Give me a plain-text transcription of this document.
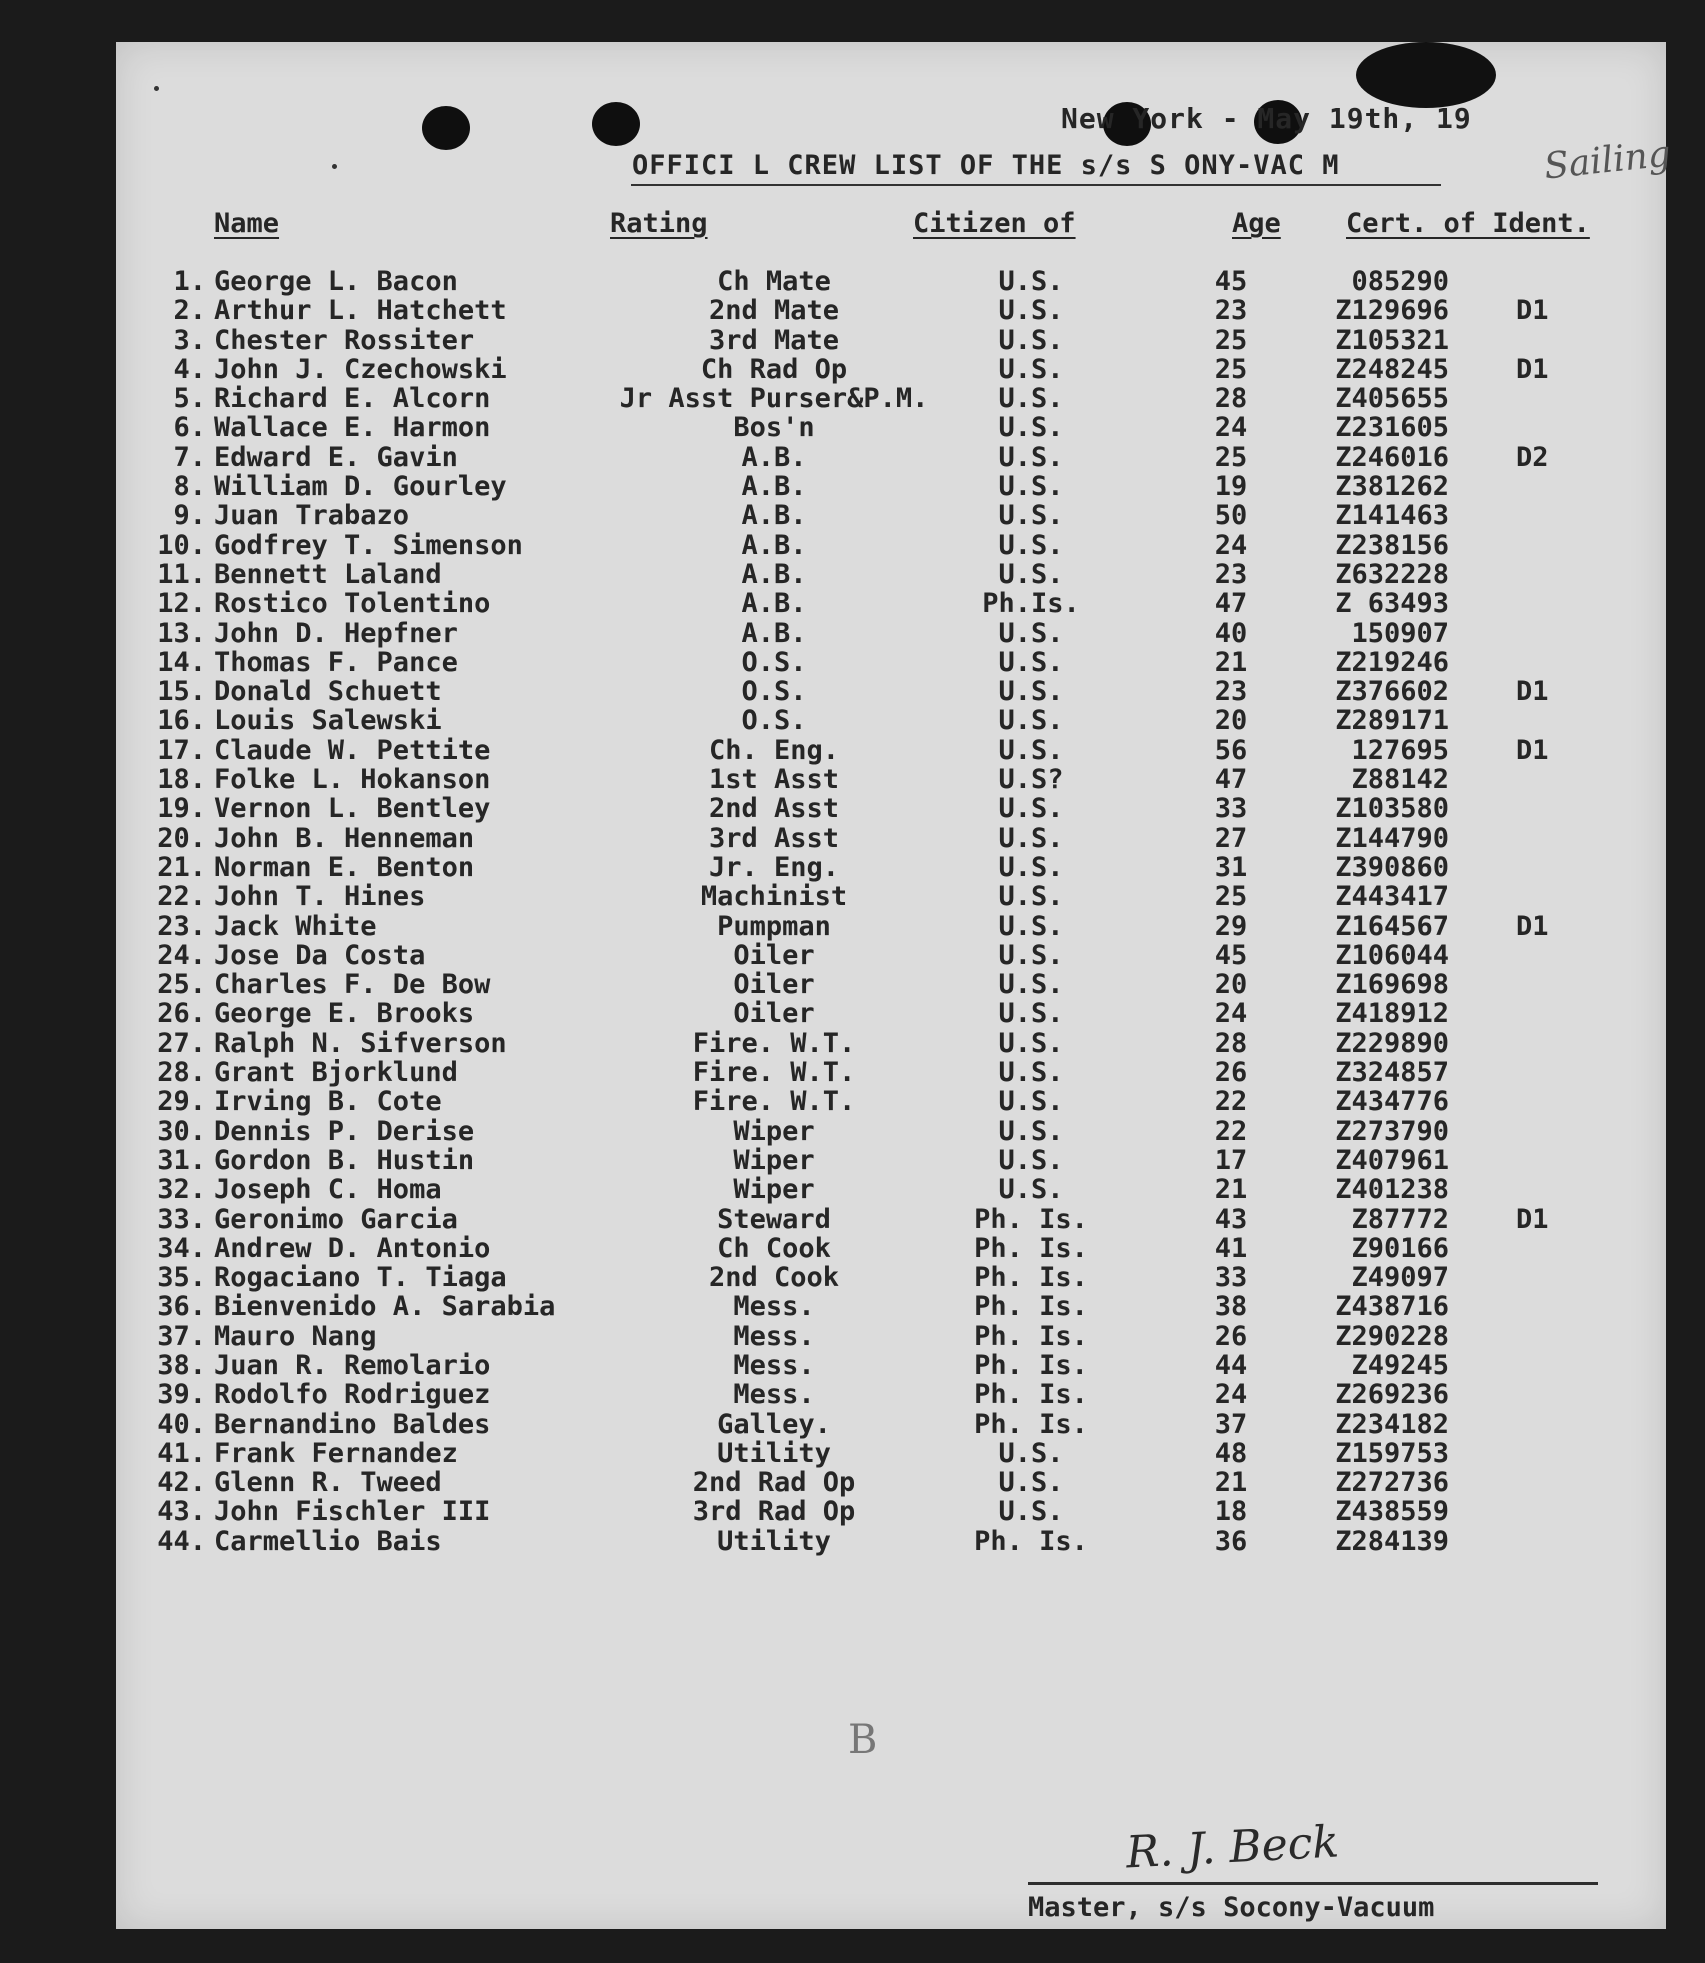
New York - May 19th, 19
OFFICI L CREW LIST OF THE s/s S ONY-VAC M	Sailing
Name	Rating	Citizen of	Age Cert. of Ident.
1. George L. Bacon	Ch Mate	U.S.	45	085290
2. Arthur L. Hatchett	2nd Mate	U.S.	23	Z129696 D1
3. Chester Rossiter	3rd Mate	U.S.	25	Z105321
4. John J. Czechowski	Ch Rad Op	U.S.	25	Z248245 D1
5. Richard E. Alcorn	Jr Asst Purser&P.M.	U.S.	28	Z405655
6. Wallace E. Harmon	Bos'n	U.S.	24	Z231605
7. Edward E. Gavin	A.B.	U.S.	25	Z246016 D2
8. William D. Gourley	A.B.	U.S.	19	Z381262
9. Juan Trabazo	A.B.	U.S.	50	Z141463
10. Godfrey T. Simenson	A.B.	U.S.	24	Z238156
11. Bennett Laland	A.B.	U.S.	23	Z632228
12. Rostico Tolentino	A.B.	Ph.Is.	47	Z 63493
13. John D. Hepfner	A.B.	U.S.	40	150907
14. Thomas F. Pance	O.S.	U.S.	21	Z219246
15. Donald Schuett	O.S.	U.S.	23	Z376602 D1
16. Louis Salewski	O.S.	U.S.	20	Z289171
17. Claude W. Pettite	Ch. Eng.	U.S.	56	127695 D1
18. Folke L. Hokanson	1st Asst	U.S?	47	Z88142
19. Vernon L. Bentley	2nd Asst	U.S.	33	Z103580
20. John B. Henneman	3rd Asst	U.S.	27	Z144790
21. Norman E. Benton	Jr. Eng.	U.S.	31	Z390860
22. John T. Hines	Machinist	U.S.	25	Z443417
23. Jack White	Pumpman	U.S.	29	Z164567 D1
24. Jose Da Costa	Oiler	U.S.	45	Z106044
25. Charles F. De Bow	Oiler	U.S.	20	Z169698
26. George E. Brooks	Oiler	U.S.	24	Z418912
27. Ralph N. Sifverson	Fire. W.T.	U.S.	28	Z229890
28. Grant Bjorklund	Fire. W.T.	U.S.	26	Z324857
29. Irving B. Cote	Fire. W.T.	U.S.	22	Z434776
30. Dennis P. Derise	Wiper	U.S.	22	Z273790
31. Gordon B. Hustin	Wiper	U.S.	17	Z407961
32. Joseph C. Homa	Wiper	U.S.	21	Z401238
33. Geronimo Garcia	Steward	Ph. Is.	43	Z87772 D1
34. Andrew D. Antonio	Ch Cook	Ph. Is.	41	Z90166
35. Rogaciano T. Tiaga	2nd Cook	Ph. Is.	33	Z49097
36. Bienvenido A. Sarabia	Mess.	Ph. Is.	38	Z438716
37. Mauro Nang	Mess.	Ph. Is.	26	Z290228
38. Juan R. Remolario	Mess.	Ph. Is.	44	Z49245
39. Rodolfo Rodriguez	Mess.	Ph. Is.	24	Z269236
40. Bernandino Baldes	Galley.	Ph. Is.	37	Z234182
41. Frank Fernandez	Utility	U.S.	48	Z159753
42. Glenn R. Tweed	2nd Rad Op	U.S.	21	Z272736
43. John Fischler III	3rd Rad Op	U.S.	18	Z438559
44. Carmellio Bais	Utility	Ph. Is.	36	Z284139
B
R. J. Beck
Master, s/s Socony-Vacuum
